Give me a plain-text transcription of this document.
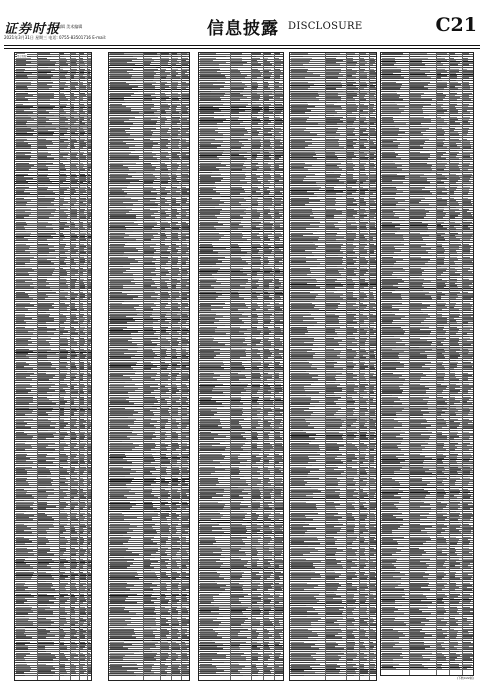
证券时报
编辑 美术编辑
2021年3月31日 星期三 电话: 0755-83501716 E-mail:	信息披露 DISCLOSURE	C21
基金名称
(下转C22版)
